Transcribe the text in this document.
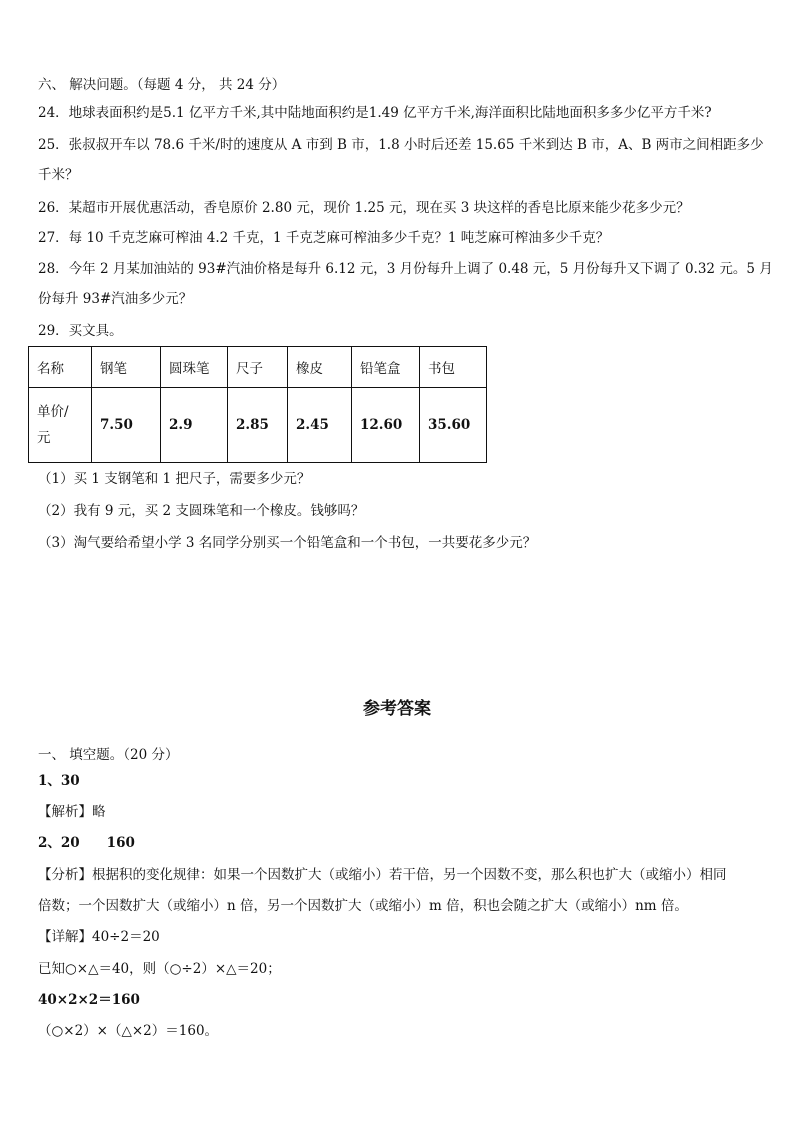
六、 解决问题。（每题 4 分， 共 24 分）
24．地球表面积约是5.1 亿平方千米,其中陆地面积约是1.49 亿平方千米,海洋面积比陆地面积多多少亿平方千米?
25．张叔叔开车以 78.6 千米/时的速度从 A 市到 B 市，1.8 小时后还差 15.65 千米到达 B 市，A、B 两市之间相距多少
千米？
26．某超市开展优惠活动，香皂原价 2.80 元，现价 1.25 元，现在买 3 块这样的香皂比原来能少花多少元？
27．每 10 千克芝麻可榨油 4.2 千克，1 千克芝麻可榨油多少千克？1 吨芝麻可榨油多少千克？
28．今年 2 月某加油站的 93#汽油价格是每升 6.12 元，3 月份每升上调了 0.48 元，5 月份每升又下调了 0.32 元。5 月
份每升 93#汽油多少元？
29．买文具。
名称	钢笔	圆珠笔	尺子	橡皮	铅笔盒	书包

单价/
元	7.50	2.9	2.85	2.45	12.60	35.60
（1）买 1 支钢笔和 1 把尺子，需要多少元？
（2）我有 9 元，买 2 支圆珠笔和一个橡皮。钱够吗？
（3）淘气要给希望小学 3 名同学分别买一个铅笔盒和一个书包，一共要花多少元？
参考答案
一、 填空题。（20 分）
1、30
【解析】略
2、20　　160
【分析】根据积的变化规律：如果一个因数扩大（或缩小）若干倍，另一个因数不变，那么积也扩大（或缩小）相同
倍数；一个因数扩大（或缩小）n 倍，另一个因数扩大（或缩小）m 倍，积也会随之扩大（或缩小）nm 倍。
【详解】40÷2＝20
已知○×△＝40，则（○÷2）×△＝20；
40×2×2＝160
（○×2）×（△×2）＝160。
